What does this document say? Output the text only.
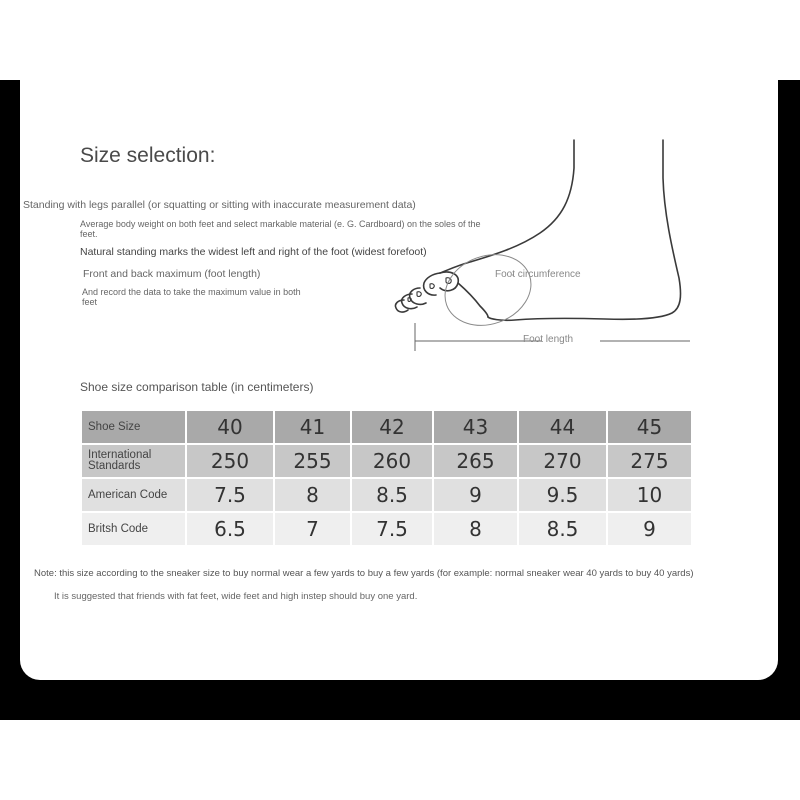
Size selection:
Standing with legs parallel (or squatting or sitting with inaccurate measurement data)
Average body weight on both feet and select markable material (e. G. Cardboard) on the soles of the feet.
Natural standing marks the widest left and right of the foot (widest forefoot)
Front and back maximum (foot length)
And record the data to take the maximum value in both feet
Foot circumference
Foot length
Shoe size comparison table (in centimeters)
Shoe Size	40	41	42	43	44	45
International Standards	250	255	260	265	270	275
American Code	7.5	8	8.5	9	9.5	10
Britsh Code	6.5	7	7.5	8	8.5	9
Note: this size according to the sneaker size to buy normal wear a few yards to buy a few yards (for example: normal sneaker wear 40 yards to buy 40 yards)
It is suggested that friends with fat feet, wide feet and high instep should buy one yard.
